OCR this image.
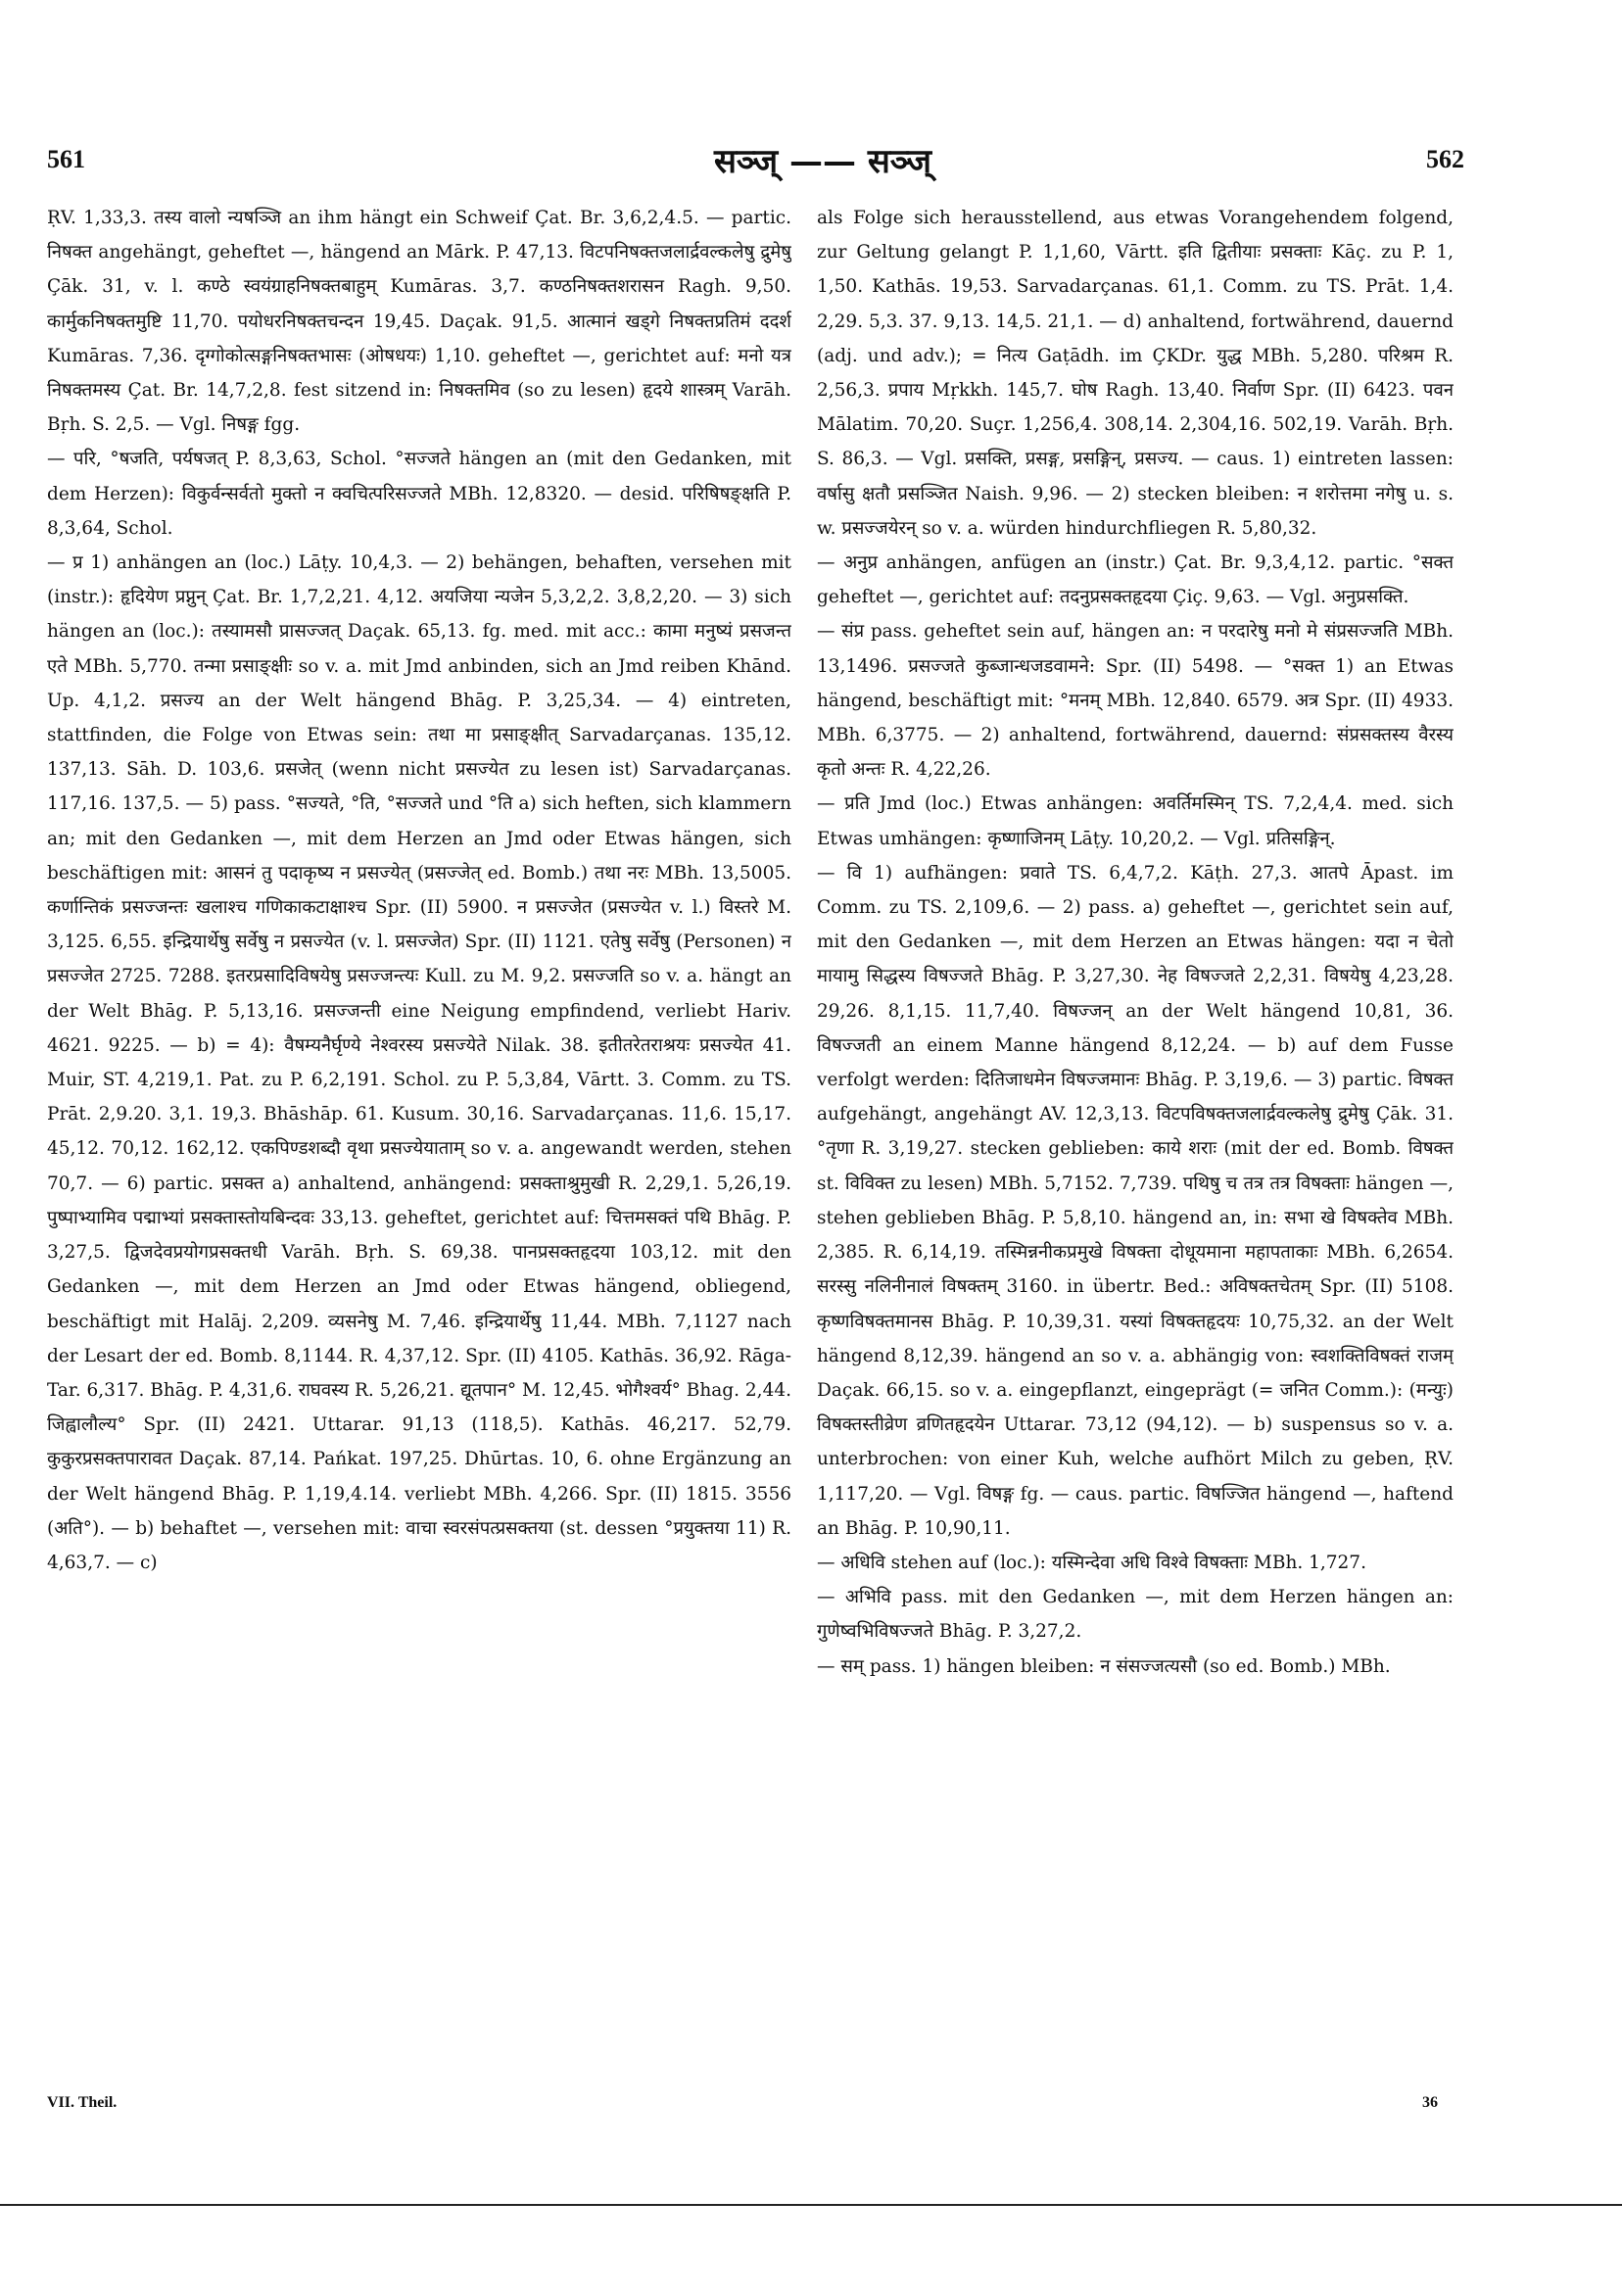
561	सञ्ज् —— सञ्ज्	562

ṚV. 1,33,3. तस्य वालो न्यषञ्जि an ihm hängt ein Schweif Çat. Br. 3,6,2,4.5. — partic. निषक्त angehängt, geheftet —, hängend an Mārk. P. 47,13. विटपनिषक्तजलार्द्रवल्कलेषु द्रुमेषु Çāk. 31, v. l. कण्ठे स्वयंग्राहनिषक्तबाहुम् Kumāras. 3,7. कण्ठनिषक्तशरासन Ragh. 9,50. कार्मुकनिषक्तमुष्टि 11,70. पयोधरनिषक्तचन्दन 19,45. Daçak. 91,5. आत्मानं खड्गे निषक्तप्रतिमं ददर्श Kumāras. 7,36. दृग्गोकोत्सङ्गनिषक्तभासः (ओषधयः) 1,10. geheftet —, gerichtet auf: मनो यत्र निषक्तमस्य Çat. Br. 14,7,2,8. fest sitzend in: निषक्तमिव (so zu lesen) हृदये शास्त्रम् Varāh. Bṛh. S. 2,5. — Vgl. निषङ्ग fgg.

— परि, °षजति, पर्यषजत् P. 8,3,63, Schol. °सज्जते hängen an (mit den Gedanken, mit dem Herzen): विकुर्वन्सर्वतो मुक्तो न क्वचित्परिसज्जते MBh. 12,8320. — desid. परिषिषङ्क्षति P. 8,3,64, Schol.

— प्र 1) anhängen an (loc.) Lāṭy. 10,4,3. — 2) behängen, behaften, versehen mit (instr.): हृदियेण प्रप्नुन् Çat. Br. 1,7,2,21. 4,12. अयजिया न्यजेन 5,3,2,2. 3,8,2,20. — 3) sich hängen an (loc.): तस्यामसौ प्रासज्जत् Daçak. 65,13. fg. med. mit acc.: कामा मनुष्यं प्रसजन्त एते MBh. 5,770. तन्मा प्रसाङ्क्षीः so v. a. mit Jmd anbinden, sich an Jmd reiben Khānd. Up. 4,1,2. प्रसज्य an der Welt hängend Bhāg. P. 3,25,34. — 4) eintreten, stattfinden, die Folge von Etwas sein: तथा मा प्रसाङ्क्षीत् Sarvadarçanas. 135,12. 137,13. Sāh. D. 103,6. प्रसजेत् (wenn nicht प्रसज्येत zu lesen ist) Sarvadarçanas. 117,16. 137,5. — 5) pass. °सज्यते, °ति, °सज्जते und °ति a) sich heften, sich klammern an; mit den Gedanken —, mit dem Herzen an Jmd oder Etwas hängen, sich beschäftigen mit: आसनं तु पदाकृष्य न प्रसज्येत् (प्रसज्जेत् ed. Bomb.) तथा नरः MBh. 13,5005. कर्णान्तिकं प्रसज्जन्तः खलाश्च गणिकाकटाक्षाश्च Spr. (II) 5900. न प्रसज्जेत (प्रसज्येत v. l.) विस्तरे M. 3,125. 6,55. इन्द्रियार्थेषु सर्वेषु न प्रसज्येत (v. l. प्रसज्जेत) Spr. (II) 1121. एतेषु सर्वेषु (Personen) न प्रसज्जेत 2725. 7288. इतरप्रसादिविषयेषु प्रसज्जन्त्यः Kull. zu M. 9,2. प्रसज्जति so v. a. hängt an der Welt Bhāg. P. 5,13,16. प्रसज्जन्ती eine Neigung empfindend, verliebt Hariv. 4621. 9225. — b) = 4): वैषम्यनैर्घृण्ये नेश्वरस्य प्रसज्येते Nilak. 38. इतीतरेतराश्रयः प्रसज्येत 41. Muir, ST. 4,219,1. Pat. zu P. 6,2,191. Schol. zu P. 5,3,84, Vārtt. 3. Comm. zu TS. Prāt. 2,9.20. 3,1. 19,3. Bhāshāp. 61. Kusum. 30,16. Sarvadarçanas. 11,6. 15,17. 45,12. 70,12. 162,12. एकपिण्डशब्दौ वृथा प्रसज्येयाताम् so v. a. angewandt werden, stehen 70,7. — 6) partic. प्रसक्त a) anhaltend, anhängend: प्रसक्ताश्रुमुखी R. 2,29,1. 5,26,19. पुष्पाभ्यामिव पद्माभ्यां प्रसक्तास्तोयबिन्दवः 33,13. geheftet, gerichtet auf: चित्तमसक्तं पथि Bhāg. P. 3,27,5. द्विजदेवप्रयोगप्रसक्तधी Varāh. Bṛh. S. 69,38. पानप्रसक्तहृदया 103,12. mit den Gedanken —, mit dem Herzen an Jmd oder Etwas hängend, obliegend, beschäftigt mit Halāj. 2,209. व्यसनेषु M. 7,46. इन्द्रियार्थेषु 11,44. MBh. 7,1127 nach der Lesart der ed. Bomb. 8,1144. R. 4,37,12. Spr. (II) 4105. Kathās. 36,92. Rāga-Tar. 6,317. Bhāg. P. 4,31,6. राघवस्य R. 5,26,21. द्यूतपान° M. 12,45. भोगैश्वर्य° Bhag. 2,44. जिह्वालौल्य° Spr. (II) 2421. Uttarar. 91,13 (118,5). Kathās. 46,217. 52,79. कुकुरप्रसक्तपारावत Daçak. 87,14. Pańkat. 197,25. Dhūrtas. 10, 6. ohne Ergänzung an der Welt hängend Bhāg. P. 1,19,4.14. verliebt MBh. 4,266. Spr. (II) 1815. 3556 (अति°). — b) behaftet —, versehen mit: वाचा स्वरसंपत्प्रसक्तया (st. dessen °प्रयुक्तया 11) R. 4,63,7. — c)

als Folge sich herausstellend, aus etwas Vorangehendem folgend, zur Geltung gelangt P. 1,1,60, Vārtt. इति द्वितीयाः प्रसक्ताः Kāç. zu P. 1, 1,50. Kathās. 19,53. Sarvadarçanas. 61,1. Comm. zu TS. Prāt. 1,4. 2,29. 5,3. 37. 9,13. 14,5. 21,1. — d) anhaltend, fortwährend, dauernd (adj. und adv.); = नित्य Gaṭādh. im ÇKDr. युद्ध MBh. 5,280. परिश्रम R. 2,56,3. प्रपाय Mṛkkh. 145,7. घोष Ragh. 13,40. निर्वाण Spr. (II) 6423. पवन Mālatim. 70,20. Suçr. 1,256,4. 308,14. 2,304,16. 502,19. Varāh. Bṛh. S. 86,3. — Vgl. प्रसक्ति, प्रसङ्ग, प्रसङ्गिन्, प्रसज्य. — caus. 1) eintreten lassen: वर्षासु क्षतौ प्रसञ्जित Naish. 9,96. — 2) stecken bleiben: न शरोत्तमा नगेषु u. s. w. प्रसज्जयेरन् so v. a. würden hindurchfliegen R. 5,80,32.

— अनुप्र anhängen, anfügen an (instr.) Çat. Br. 9,3,4,12. partic. °सक्त geheftet —, gerichtet auf: तदनुप्रसक्तहृदया Çiç. 9,63. — Vgl. अनुप्रसक्ति.

— संप्र pass. geheftet sein auf, hängen an: न परदारेषु मनो मे संप्रसज्जति MBh. 13,1496. प्रसज्जते कुब्जान्धजडवामने: Spr. (II) 5498. — °सक्त 1) an Etwas hängend, beschäftigt mit: °मनम् MBh. 12,840. 6579. अत्र Spr. (II) 4933. MBh. 6,3775. — 2) anhaltend, fortwährend, dauernd: संप्रसक्तस्य वैरस्य कृतो अन्तः R. 4,22,26.

— प्रति Jmd (loc.) Etwas anhängen: अवर्तिमस्मिन् TS. 7,2,4,4. med. sich Etwas umhängen: कृष्णाजिनम् Lāṭy. 10,20,2. — Vgl. प्रतिसङ्गिन्.

— वि 1) aufhängen: प्रवाते TS. 6,4,7,2. Kāṭh. 27,3. आतपे Āpast. im Comm. zu TS. 2,109,6. — 2) pass. a) geheftet —, gerichtet sein auf, mit den Gedanken —, mit dem Herzen an Etwas hängen: यदा न चेतो मायामु सिद्धस्य विषज्जते Bhāg. P. 3,27,30. नेह विषज्जते 2,2,31. विषयेषु 4,23,28. 29,26. 8,1,15. 11,7,40. विषज्जन् an der Welt hängend 10,81, 36. विषज्जती an einem Manne hängend 8,12,24. — b) auf dem Fusse verfolgt werden: दितिजाधमेन विषज्जमानः Bhāg. P. 3,19,6. — 3) partic. विषक्त aufgehängt, angehängt AV. 12,3,13. विटपविषक्तजलार्द्रवल्कलेषु द्रुमेषु Çāk. 31. °तृणा R. 3,19,27. stecken geblieben: काये शराः (mit der ed. Bomb. विषक्त st. विविक्त zu lesen) MBh. 5,7152. 7,739. पथिषु च तत्र तत्र विषक्ताः hängen —, stehen geblieben Bhāg. P. 5,8,10. hängend an, in: सभा खे विषक्तेव MBh. 2,385. R. 6,14,19. तस्मिन्ननीकप्रमुखे विषक्ता दोधूयमाना महापताकाः MBh. 6,2654. सरस्सु नलिनीनालं विषक्तम् 3160. in übertr. Bed.: अविषक्तचेतम् Spr. (II) 5108. कृष्णविषक्तमानस Bhāg. P. 10,39,31. यस्यां विषक्तहृदयः 10,75,32. an der Welt hängend 8,12,39. hängend an so v. a. abhängig von: स्वशक्तिविषक्तं राजम् Daçak. 66,15. so v. a. eingepflanzt, eingeprägt (= जनित Comm.): (मन्युः) विषक्तस्तीव्रेण व्रणितहृदयेन Uttarar. 73,12 (94,12). — b) suspensus so v. a. unterbrochen: von einer Kuh, welche aufhört Milch zu geben, ṚV. 1,117,20. — Vgl. विषङ्ग fg. — caus. partic. विषज्जित hängend —, haftend an Bhāg. P. 10,90,11.

— अधिवि stehen auf (loc.): यस्मिन्देवा अधि विश्वे विषक्ताः MBh. 1,727.

— अभिवि pass. mit den Gedanken —, mit dem Herzen hängen an: गुणेष्वभिविषज्जते Bhāg. P. 3,27,2.

— सम् pass. 1) hängen bleiben: न संसज्जत्यसौ (so ed. Bomb.) MBh.

VII. Theil.	36
